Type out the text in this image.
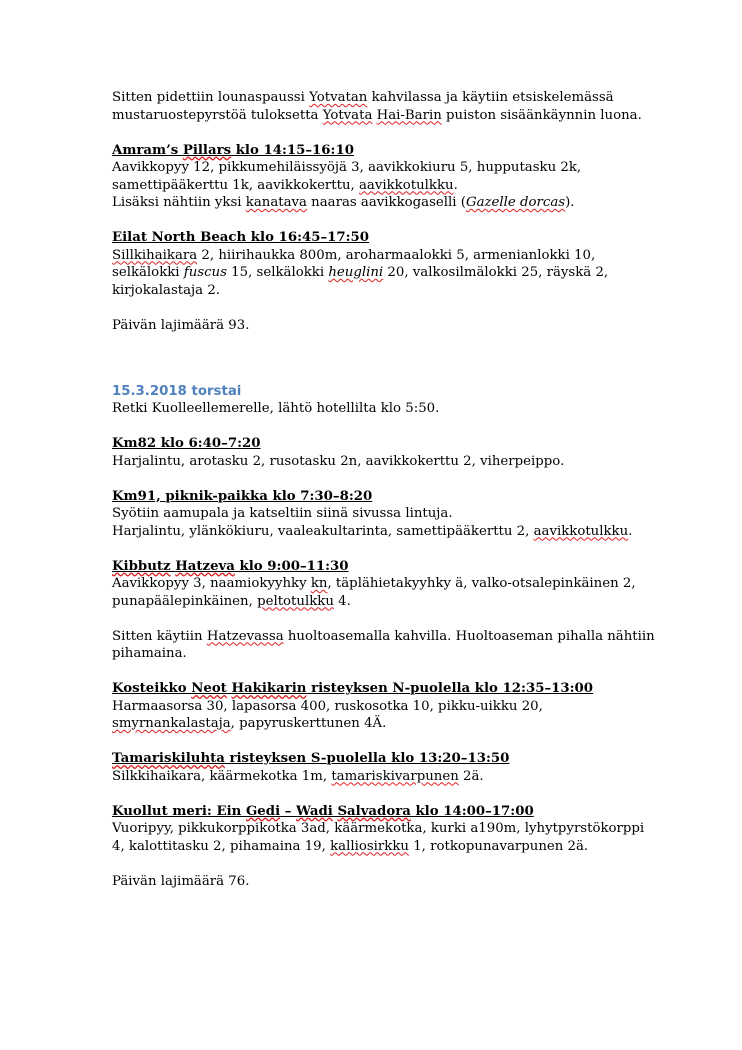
Sitten pidettiin lounaspaussi Yotvatan kahvilassa ja käytiin etsiskelemässä
mustaruostepyrstöä tuloksetta Yotvata Hai-Barin puiston sisäänkäynnin luona.
Amram’s Pillars klo 14:15–16:10
Aavikkopyy 12, pikkumehiläissyöjä 3, aavikkokiuru 5, hupputasku 2k,
samettipääkerttu 1k, aavikkokerttu, aavikkotulkku.
Lisäksi nähtiin yksi kanatava naaras aavikkogaselli (Gazelle dorcas).
Eilat North Beach klo 16:45–17:50
Sillkihaikara 2, hiirihaukka 800m, aroharmaalokki 5, armenianlokki 10,
selkälokki fuscus 15, selkälokki heuglini 20, valkosilmälokki 25, räyskä 2,
kirjokalastaja 2.
Päivän lajimäärä 93.
15.3.2018 torstai
Retki Kuolleellemerelle, lähtö hotellilta klo 5:50.
Km82 klo 6:40–7:20
Harjalintu, arotasku 2, rusotasku 2n, aavikkokerttu 2, viherpeippo.
Km91, piknik-paikka klo 7:30–8:20
Syötiin aamupala ja katseltiin siinä sivussa lintuja.
Harjalintu, ylänkökiuru, vaaleakultarinta, samettipääkerttu 2, aavikkotulkku.
Kibbutz Hatzeva klo 9:00–11:30
Aavikkopyy 3, naamiokyyhky kn, täplähietakyyhky ä, valko-otsalepinkäinen 2,
punapäälepinkäinen, peltotulkku 4.
Sitten käytiin Hatzevassa huoltoasemalla kahvilla. Huoltoaseman pihalla nähtiin
pihamaina.
Kosteikko Neot Hakikarin risteyksen N-puolella klo 12:35–13:00
Harmaasorsa 30, lapasorsa 400, ruskosotka 10, pikku-uikku 20,
smyrnankalastaja, papyruskerttunen 4Ä.
Tamariskiluhta risteyksen S-puolella klo 13:20–13:50
Silkkihaikara, käärmekotka 1m, tamariskivarpunen 2ä.
Kuollut meri: Ein Gedi – Wadi Salvadora klo 14:00–17:00
Vuoripyy, pikkukorppikotka 3ad, käärmekotka, kurki a190m, lyhytpyrstökorppi
4, kalottitasku 2, pihamaina 19, kalliosirkku 1, rotkopunavarpunen 2ä.
Päivän lajimäärä 76.
